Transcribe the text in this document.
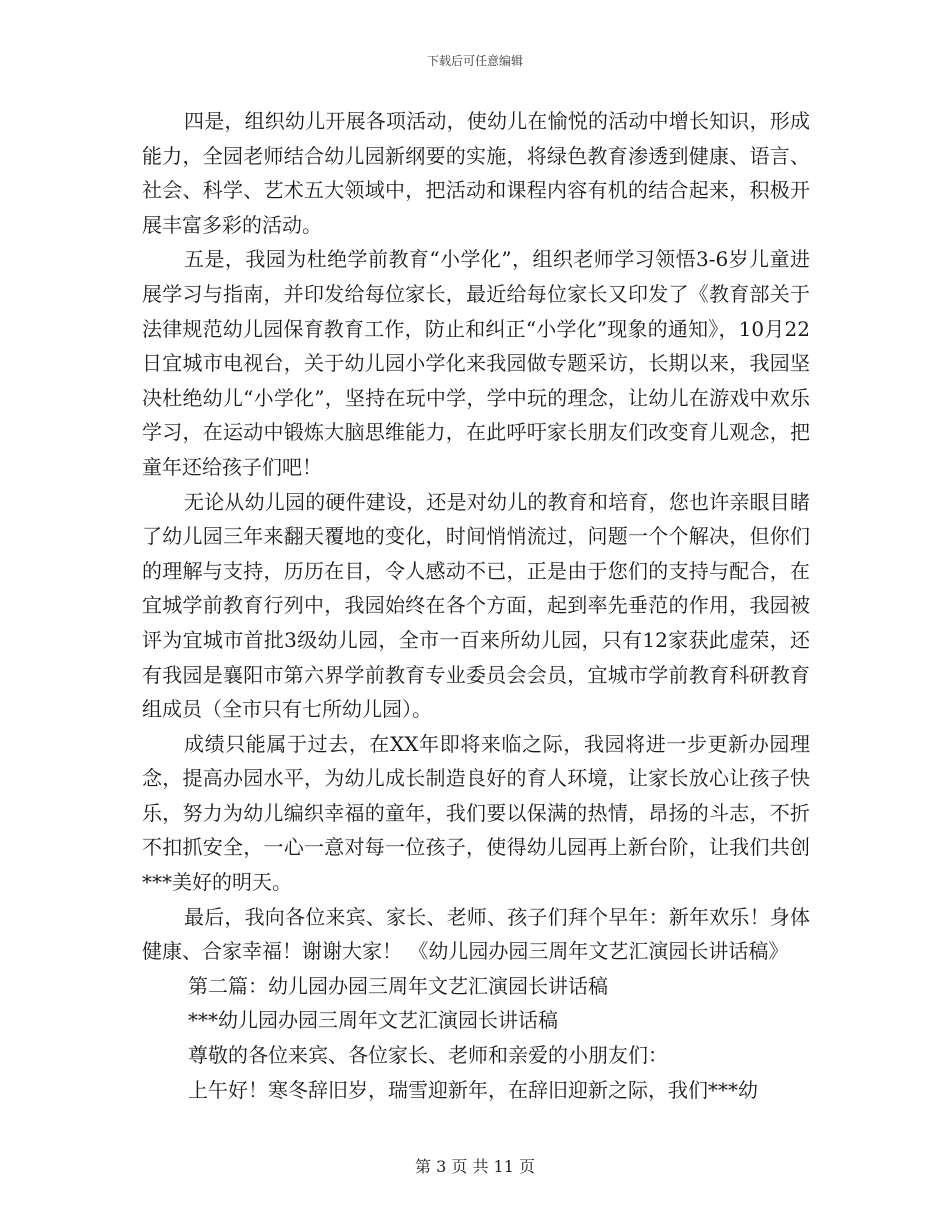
下载后可任意编辑

四是，组织幼儿开展各项活动，使幼儿在愉悦的活动中增长知识，形成能力，全园老师结合幼儿园新纲要的实施，将绿色教育渗透到健康、语言、社会、科学、艺术五大领域中，把活动和课程内容有机的结合起来，积极开展丰富多彩的活动。

五是，我园为杜绝学前教育“小学化”，组织老师学习领悟3-6岁儿童进展学习与指南，并印发给每位家长，最近给每位家长又印发了《教育部关于法律规范幼儿园保育教育工作，防止和纠正“小学化”现象的通知》，10月22日宜城市电视台，关于幼儿园小学化来我园做专题采访，长期以来，我园坚决杜绝幼儿“小学化”，坚持在玩中学，学中玩的理念，让幼儿在游戏中欢乐学习，在运动中锻炼大脑思维能力，在此呼吁家长朋友们改变育儿观念，把童年还给孩子们吧！

无论从幼儿园的硬件建设，还是对幼儿的教育和培育，您也许亲眼目睹了幼儿园三年来翻天覆地的变化，时间悄悄流过，问题一个个解决，但你们的理解与支持，历历在目，令人感动不已，正是由于您们的支持与配合，在宜城学前教育行列中，我园始终在各个方面，起到率先垂范的作用，我园被评为宜城市首批3级幼儿园，全市一百来所幼儿园，只有12家获此虚荣，还有我园是襄阳市第六界学前教育专业委员会会员，宜城市学前教育科研教育组成员（全市只有七所幼儿园）。

成绩只能属于过去，在XX年即将来临之际，我园将进一步更新办园理念，提高办园水平，为幼儿成长制造良好的育人环境，让家长放心让孩子快乐，努力为幼儿编织幸福的童年，我们要以保满的热情，昂扬的斗志，不折不扣抓安全，一心一意对每一位孩子，使得幼儿园再上新台阶，让我们共创***美好的明天。

最后，我向各位来宾、家长、老师、孩子们拜个早年：新年欢乐！身体健康、合家幸福！谢谢大家！ 《幼儿园办园三周年文艺汇演园长讲话稿》

第二篇：幼儿园办园三周年文艺汇演园长讲话稿

***幼儿园办园三周年文艺汇演园长讲话稿

尊敬的各位来宾、各位家长、老师和亲爱的小朋友们：

上午好！寒冬辞旧岁，瑞雪迎新年，在辞旧迎新之际，我们***幼

第 3 页 共 11 页
